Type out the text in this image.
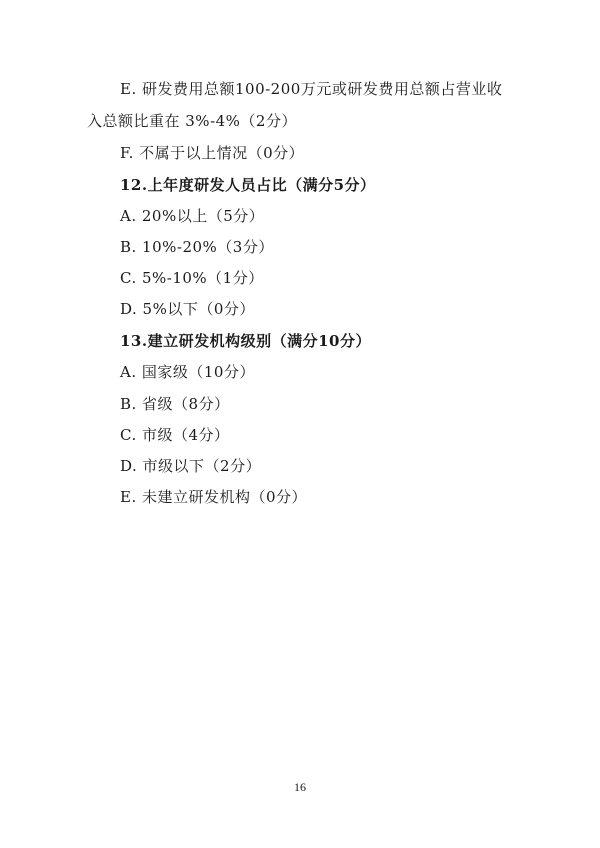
E. 研发费用总额100-200万元或研发费用总额占营业收
入总额比重在 3%-4%（2分）
F. 不属于以上情况（0分）
12.上年度研发人员占比（满分5分）
A. 20%以上（5分）
B. 10%-20%（3分）
C. 5%-10%（1分）
D. 5%以下（0分）
13.建立研发机构级别（满分10分）
A. 国家级（10分）
B. 省级（8分）
C. 市级（4分）
D. 市级以下（2分）
E. 未建立研发机构（0分）
16
